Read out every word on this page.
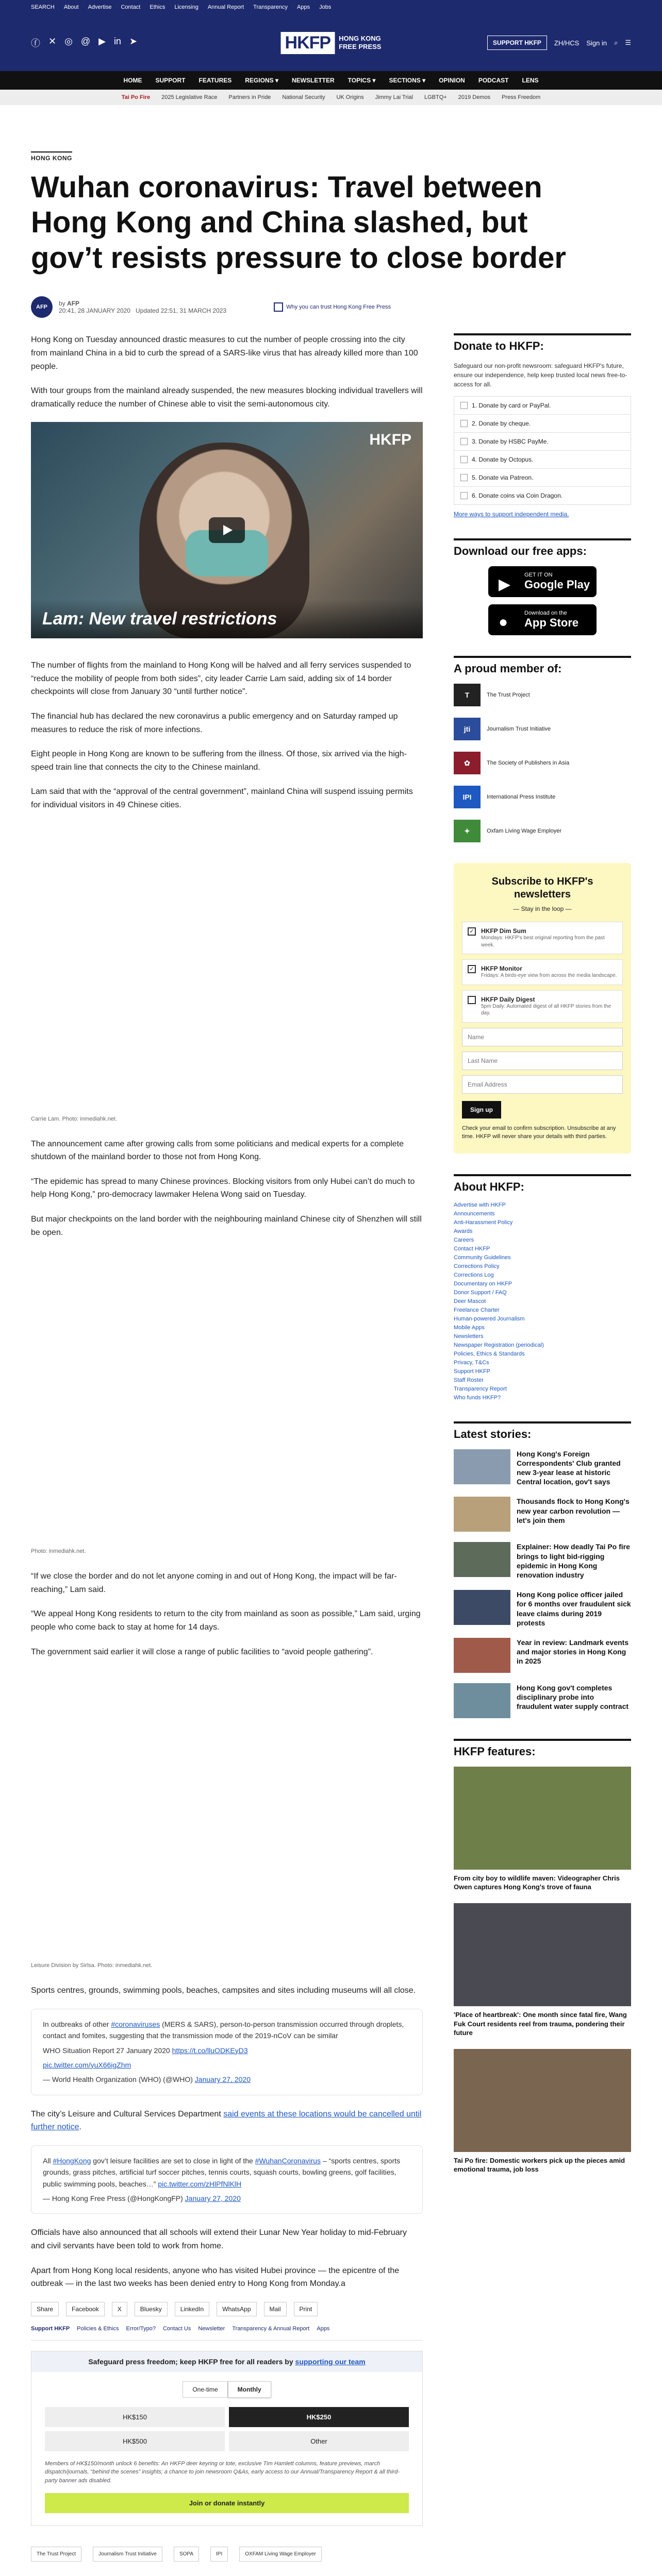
SEARCH About Advertise Contact Ethics Licensing Annual Report Transparency Apps Jobs
ⓕ ✕ ◎ @ ▶ in ➤	HKFP	HONG KONG
FREE PRESS	SUPPORT HKFP	ZH/HCS Sign in ⌕ ☰
HOME SUPPORT FEATURES REGIONS ▾ NEWSLETTER TOPICS ▾ SECTIONS ▾ OPINION PODCAST LENS
Tai Po Fire 2025 Legislative Race Partners in Pride National Security UK Origins Jimmy Lai Trial LGBTQ+ 2019 Demos Press Freedom
HONG KONG
Wuhan coronavirus: Travel between Hong Kong and China slashed, but gov’t resists pressure to close border
AFP	by AFP
20:41, 28 JANUARY 2020 Updated 22:51, 31 MARCH 2023	Why you can trust Hong Kong Free Press

Hong Kong on Tuesday announced drastic measures to cut the number of people crossing into the city from mainland China in a bid to curb the spread of a SARS-like virus that has already killed more than 100 people.

With tour groups from the mainland already suspended, the new measures blocking individual travellers will dramatically reduce the number of Chinese able to visit the semi-autonomous city.

HKFP
Lam: New travel restrictions

The number of flights from the mainland to Hong Kong will be halved and all ferry services suspended to “reduce the mobility of people from both sides”, city leader Carrie Lam said, adding six of 14 border checkpoints will close from January 30 “until further notice”.

The financial hub has declared the new coronavirus a public emergency and on Saturday ramped up measures to reduce the risk of more infections.

Eight people in Hong Kong are known to be suffering from the illness. Of those, six arrived via the high-speed train line that connects the city to the Chinese mainland.

Lam said that with the “approval of the central government”, mainland China will suspend issuing permits for individual visitors in 49 Chinese cities.

Carrie Lam. Photo: inmediahk.net.

The announcement came after growing calls from some politicians and medical experts for a complete shutdown of the mainland border to those not from Hong Kong.

“The epidemic has spread to many Chinese provinces. Blocking visitors from only Hubei can’t do much to help Hong Kong,” pro-democracy lawmaker Helena Wong said on Tuesday.

But major checkpoints on the land border with the neighbouring mainland Chinese city of Shenzhen will still be open.

Photo: inmediahk.net.

“If we close the border and do not let anyone coming in and out of Hong Kong, the impact will be far-reaching,” Lam said.

“We appeal Hong Kong residents to return to the city from mainland as soon as possible,” Lam said, urging people who come back to stay at home for 14 days.

The government said earlier it will close a range of public facilities to “avoid people gathering”.

Leisure Division by Sirlsa. Photo: inmediahk.net.

Sports centres, grounds, swimming pools, beaches, campsites and sites including museums will all close.

In outbreaks of other #coronaviruses (MERS & SARS), person-to-person transmission occurred through droplets, contact and fomites, suggesting that the transmission mode of the 2019-nCoV can be similar
WHO Situation Report 27 January 2020 https://t.co/lluODKEyD3
pic.twitter.com/yuX66igZhm
— World Health Organization (WHO) (@WHO) January 27, 2020

The city’s Leisure and Cultural Services Department said events at these locations would be cancelled until further notice.

All #HongKong gov’t leisure facilities are set to close in light of the #WuhanCoronavirus – “sports centres, sports grounds, grass pitches, artificial turf soccer pitches, tennis courts, squash courts, bowling greens, golf facilities, public swimming pools, beaches…” pic.twitter.com/zHlPfNlKlH
— Hong Kong Free Press (@HongKongFP) January 27, 2020

Officials have also announced that all schools will extend their Lunar New Year holiday to mid-February and civil servants have been told to work from home.

Apart from Hong Kong local residents, anyone who has visited Hubei province — the epicentre of the outbreak — in the last two weeks has been denied entry to Hong Kong from Monday.a

Share	Facebook	X	Bluesky	LinkedIn	WhatsApp	Mail	Print
Support HKFP Policies & Ethics Error/Typo? Contact Us Newsletter Transparency & Annual Report Apps
Safeguard press freedom; keep HKFP free for all readers by supporting our team
One-time	Monthly
HK$150	HK$250
HK$500	Other
Members of HK$150/month unlock 6 benefits: An HKFP deer keyring or tote, exclusive Tim Hamlett columns, feature previews, march dispatch/journals, “behind the scenes” insights; a chance to join newsroom Q&As, early access to our Annual/Transparency Report & all third-party banner ads disabled.
Join or donate instantly
The Trust Project	Journalism Trust Initiative	SOPA	IPI	OXFAM Living Wage Employer
Donate to HKFP:

Safeguard our non-profit newsroom: safeguard HKFP's future, ensure our independence, help keep trusted local news free-to-access for all.

1. Donate by card or PayPal.
2. Donate by cheque.
3. Donate by HSBC PayMe.
4. Donate by Octopus.
5. Donate via Patreon.
6. Donate coins via Coin Dragon.
More ways to support independent media.
Download our free apps:
▶
GET IT ON
Google Play
●
Download on the
App Store
A proud member of:
T	The Trust Project
jti	Journalism Trust Initiative
✿	The Society of Publishers in Asia
IPI	International Press Institute
✦	Oxfam Living Wage Employer
Subscribe to HKFP's newsletters
— Stay in the loop —
✓ HKFP Dim Sum
Mondays: HKFP's best original reporting from the past week.
✓ HKFP Monitor
Fridays: A birds-eye view from across the media landscape.
HKFP Daily Digest
5pm Daily: Automated digest of all HKFP stories from the day.
Name
Last Name
Email Address Sign up
Check your email to confirm subscription. Unsubscribe at any time. HKFP will never share your details with third parties.
About HKFP:
Advertise with HKFP
Announcements
Anti-Harassment Policy
Awards
Careers
Contact HKFP
Community Guidelines
Corrections Policy
Corrections Log
Documentary on HKFP
Donor Support / FAQ
Deer Mascot
Freelance Charter
Human-powered Journalism
Mobile Apps
Newsletters
Newspaper Registration (periodical)
Policies, Ethics & Standards
Privacy, T&Cs
Support HKFP
Staff Roster
Transparency Report
Who funds HKFP?
Latest stories:
Hong Kong's Foreign Correspondents' Club granted new 3-year lease at historic Central location, gov't says
Thousands flock to Hong Kong's new year carbon revolution — let's join them
Explainer: How deadly Tai Po fire brings to light bid-rigging epidemic in Hong Kong renovation industry
Hong Kong police officer jailed for 6 months over fraudulent sick leave claims during 2019 protests
Year in review: Landmark events and major stories in Hong Kong in 2025
Hong Kong gov't completes disciplinary probe into fraudulent water supply contract
HKFP features:
From city boy to wildlife maven: Videographer Chris Owen captures Hong Kong's trove of fauna
'Place of heartbreak': One month since fatal fire, Wang Fuk Court residents reel from trauma, pondering their future
Tai Po fire: Domestic workers pick up the pieces amid emotional trauma, job loss
